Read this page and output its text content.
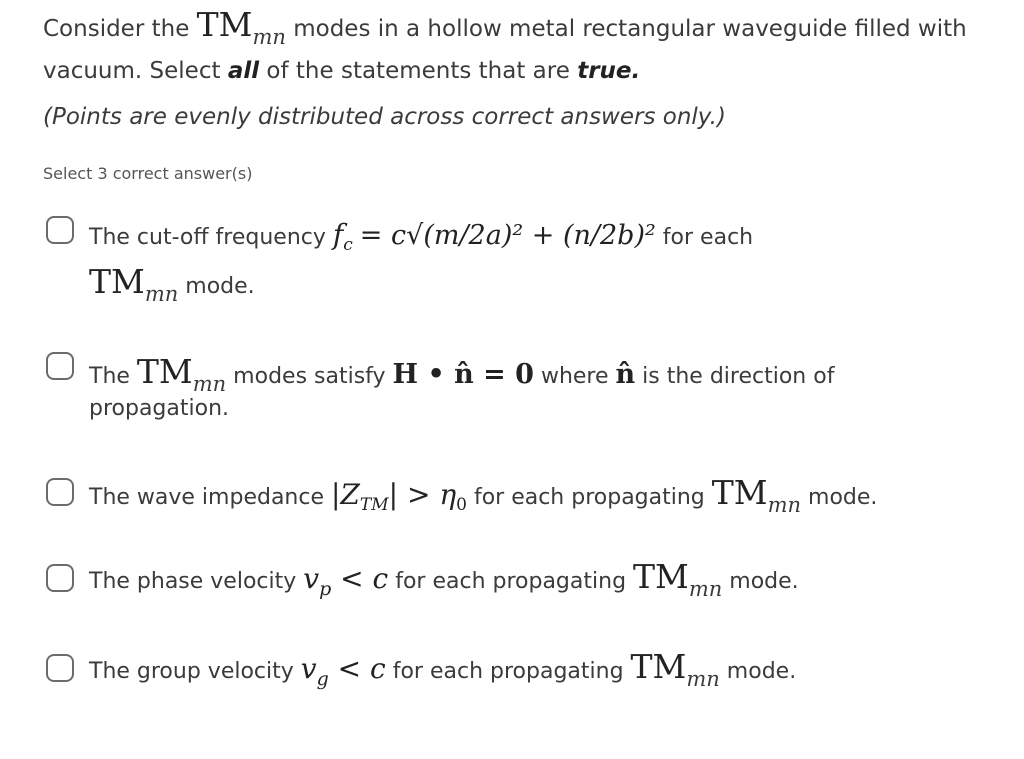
Consider the TMmn modes in a hollow metal rectangular waveguide filled with
vacuum. Select all of the statements that are true.
(Points are evenly distributed across correct answers only.)
Select 3 correct answer(s)
The cut-off frequency $f_c = c√(m/2a)^2 + (n/2b)^2$ for each
TMmn mode.
The TMmn modes satisfy H • n̂ = 0 where n̂ is the direction of
propagation.
The wave impedance $|Z_{TM}| > \eta_0$ for each propagating TMmn mode.
The phase velocity vp < c for each propagating TMmn mode.
The group velocity vg < c for each propagating TMmn mode.
